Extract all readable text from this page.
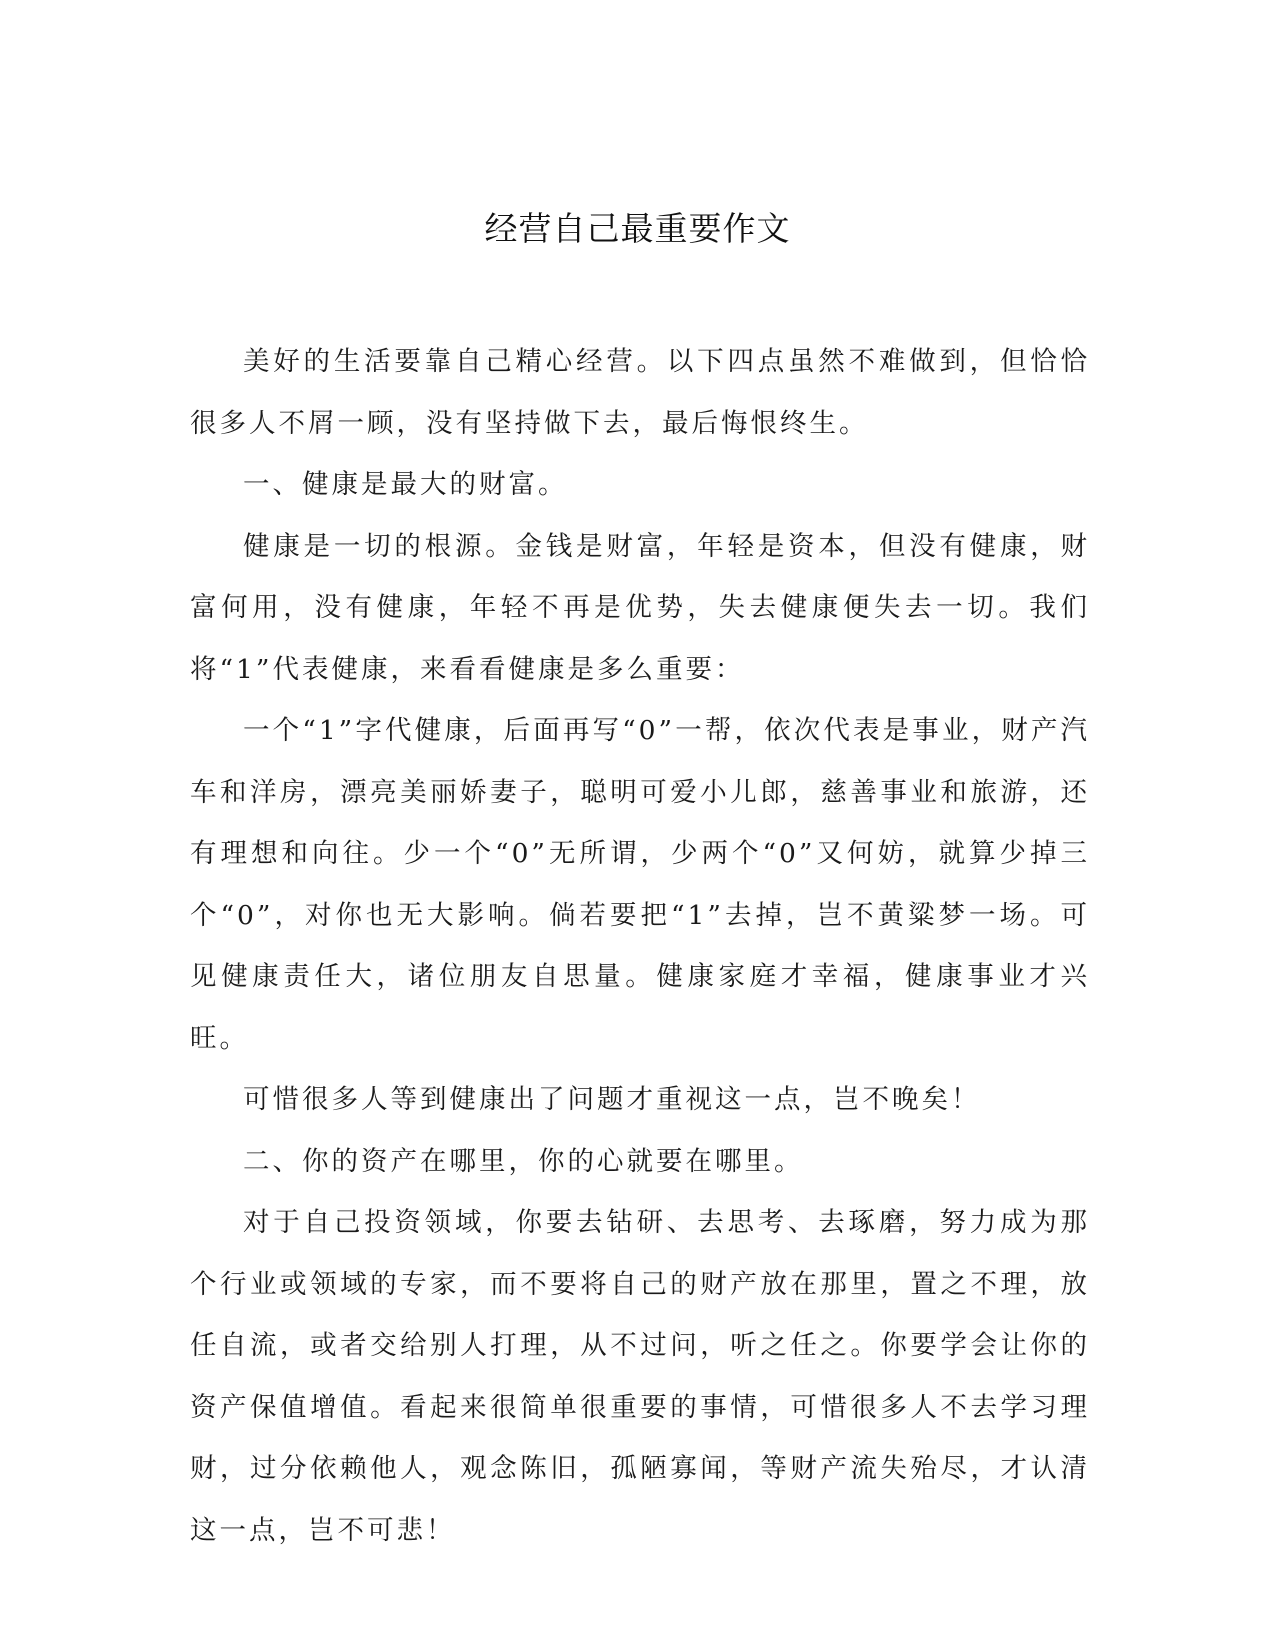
经营自己最重要作文

美好的生活要靠自己精心经营。以下四点虽然不难做到，但恰恰很多人不屑一顾，没有坚持做下去，最后悔恨终生。

一、健康是最大的财富。

健康是一切的根源。金钱是财富，年轻是资本，但没有健康，财富何用，没有健康，年轻不再是优势，失去健康便失去一切。我们将“1”代表健康，来看看健康是多么重要：

一个“1”字代健康，后面再写“0”一帮，依次代表是事业，财产汽车和洋房，漂亮美丽娇妻子，聪明可爱小儿郎，慈善事业和旅游，还有理想和向往。少一个“0”无所谓，少两个“0”又何妨，就算少掉三个“0”，对你也无大影响。倘若要把“1”去掉，岂不黄粱梦一场。可见健康责任大，诸位朋友自思量。健康家庭才幸福，健康事业才兴旺。

可惜很多人等到健康出了问题才重视这一点，岂不晚矣！

二、你的资产在哪里，你的心就要在哪里。

对于自己投资领域，你要去钻研、去思考、去琢磨，努力成为那个行业或领域的专家，而不要将自己的财产放在那里，置之不理，放任自流，或者交给别人打理，从不过问，听之任之。你要学会让你的资产保值增值。看起来很简单很重要的事情，可惜很多人不去学习理财，过分依赖他人，观念陈旧，孤陋寡闻，等财产流失殆尽，才认清这一点，岂不可悲！
